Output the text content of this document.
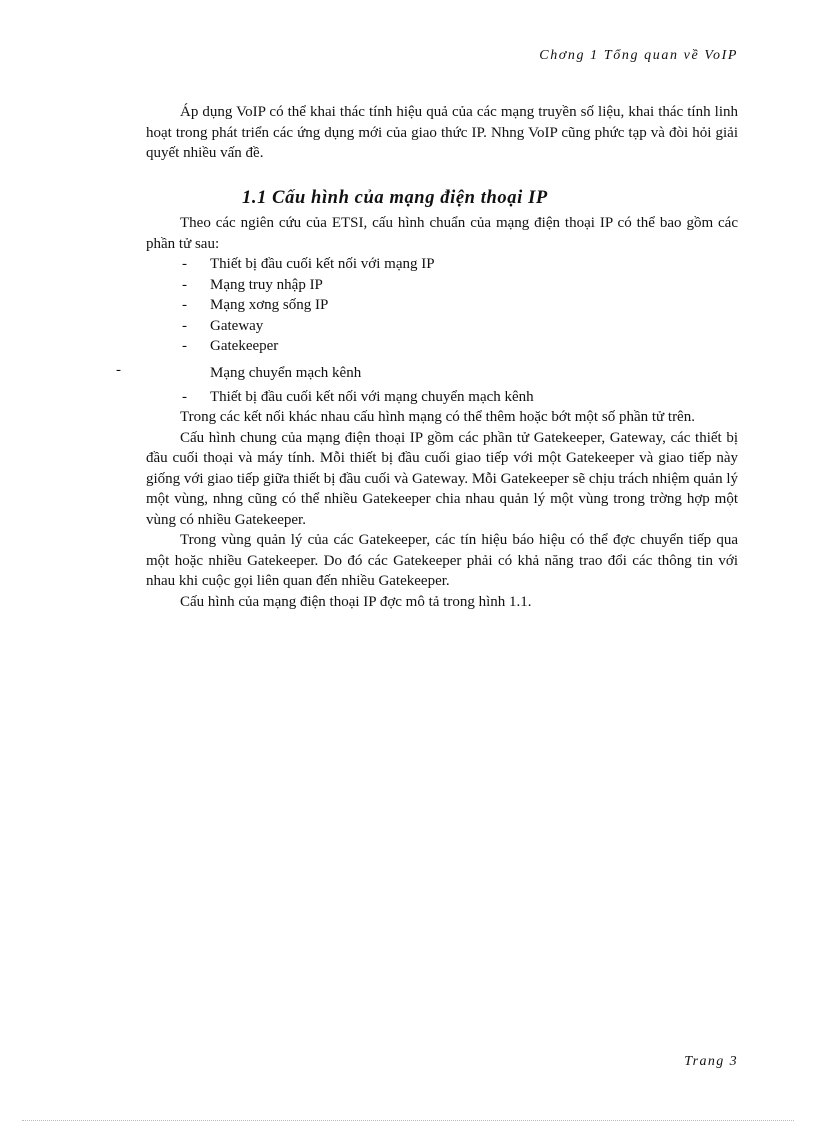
Chơng 1 Tổng quan về VoIP

Áp dụng VoIP có thể khai thác tính hiệu quả của các mạng truyền số liệu, khai thác tính linh hoạt trong phát triển các ứng dụng mới của giao thức IP. Nhng VoIP cũng phức tạp và đòi hỏi giải quyết nhiều vấn đề.

1.1 Cấu hình của mạng điện thoại IP
-

Theo các ngiên cứu của ETSI, cấu hình chuẩn của mạng điện thoại IP có thể bao gồm các phần tử sau:

- Thiết bị đầu cuối kết nối với mạng IP
- Mạng truy nhập IP
- Mạng xơng sống IP
- Gateway
- Gatekeeper
Mạng chuyển mạch kênh
- Thiết bị đầu cuối kết nối với mạng chuyển mạch kênh

Trong các kết nối khác nhau cấu hình mạng có thể thêm hoặc bớt một số phần tử trên.

Cấu hình chung của mạng điện thoại IP gồm các phần tử Gatekeeper, Gateway, các thiết bị đầu cuối thoại và máy tính. Mỗi thiết bị đầu cuối giao tiếp với một Gatekeeper và giao tiếp này giống với giao tiếp giữa thiết bị đầu cuối và Gateway. Mỗi Gatekeeper sẽ chịu trách nhiệm quản lý một vùng, nhng cũng có thể nhiều Gatekeeper chia nhau quản lý một vùng trong trờng hợp một vùng có nhiều Gatekeeper.

Trong vùng quản lý của các Gatekeeper, các tín hiệu báo hiệu có thể đợc chuyển tiếp qua một hoặc nhiều Gatekeeper. Do đó các Gatekeeper phải có khả năng trao đổi các thông tin với nhau khi cuộc gọi liên quan đến nhiều Gatekeeper.

Cấu hình của mạng điện thoại IP đợc mô tả trong hình 1.1.

Trang 3
